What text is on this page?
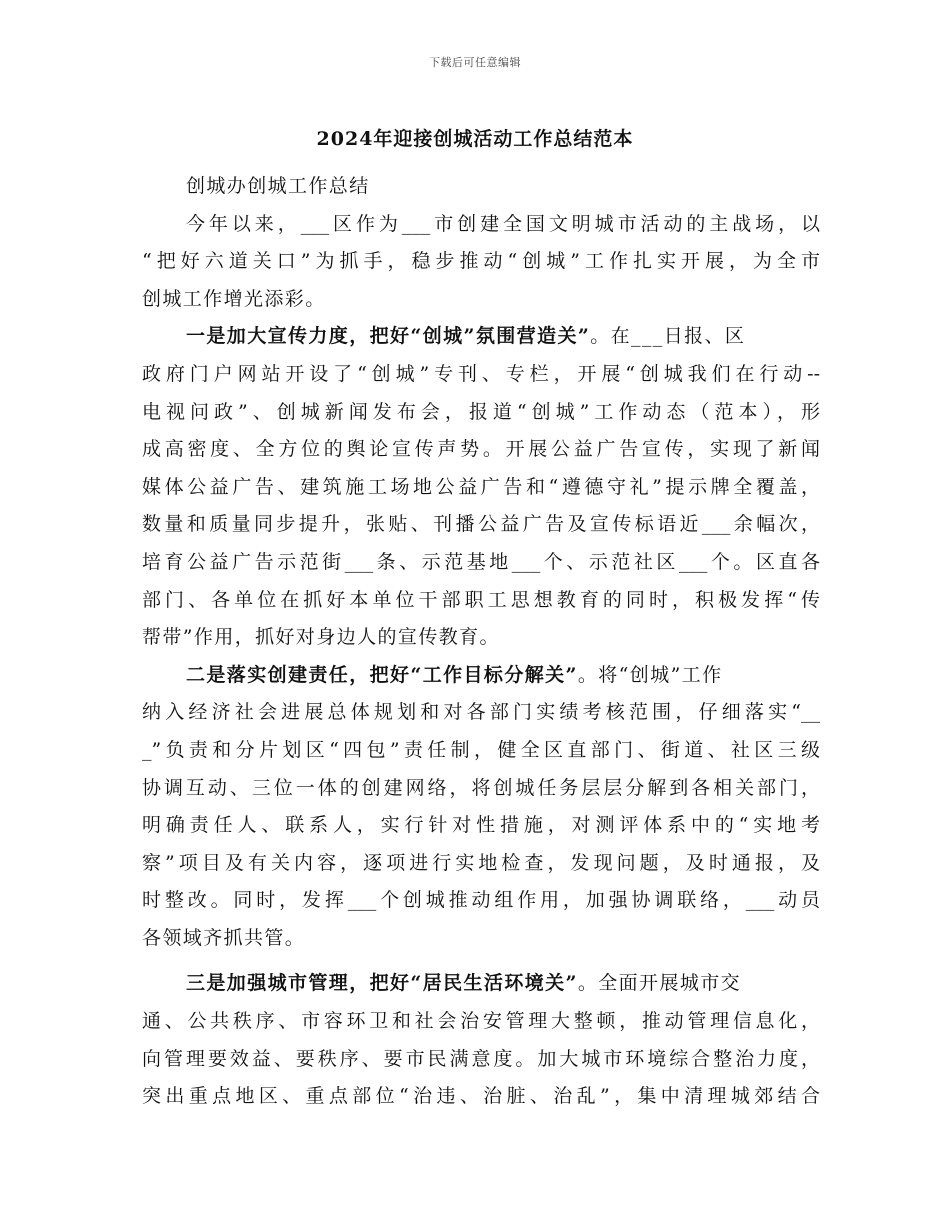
下载后可任意编辑
2024年迎接创城活动工作总结范本
创城办创城工作总结
今年以来，___区作为___市创建全国文明城市活动的主战场，以
“把好六道关口”为抓手，稳步推动“创城”工作扎实开展，为全市
创城工作增光添彩。
一是加大宣传力度，把好“创城”氛围营造关”。在___日报、区
政府门户网站开设了“创城”专刊、专栏，开展“创城我们在行动--
电视问政”、创城新闻发布会，报道“创城”工作动态（范本），形
成高密度、全方位的舆论宣传声势。开展公益广告宣传，实现了新闻
媒体公益广告、建筑施工场地公益广告和“遵德守礼”提示牌全覆盖，
数量和质量同步提升，张贴、刊播公益广告及宣传标语近___余幅次，
培育公益广告示范街___条、示范基地___个、示范社区___个。区直各
部门、各单位在抓好本单位干部职工思想教育的同时，积极发挥“传
帮带”作用，抓好对身边人的宣传教育。
二是落实创建责任，把好“工作目标分解关”。将“创城”工作
纳入经济社会进展总体规划和对各部门实绩考核范围，仔细落实“__
_”负责和分片划区“四包”责任制，健全区直部门、街道、社区三级
协调互动、三位一体的创建网络，将创城任务层层分解到各相关部门，
明确责任人、联系人，实行针对性措施，对测评体系中的“实地考
察”项目及有关内容，逐项进行实地检查，发现问题，及时通报，及
时整改。同时，发挥___个创城推动组作用，加强协调联络，___动员
各领域齐抓共管。
三是加强城市管理，把好“居民生活环境关”。全面开展城市交
通、公共秩序、市容环卫和社会治安管理大整顿，推动管理信息化，
向管理要效益、要秩序、要市民满意度。加大城市环境综合整治力度，
突出重点地区、重点部位“治违、治脏、治乱”，集中清理城郊结合
